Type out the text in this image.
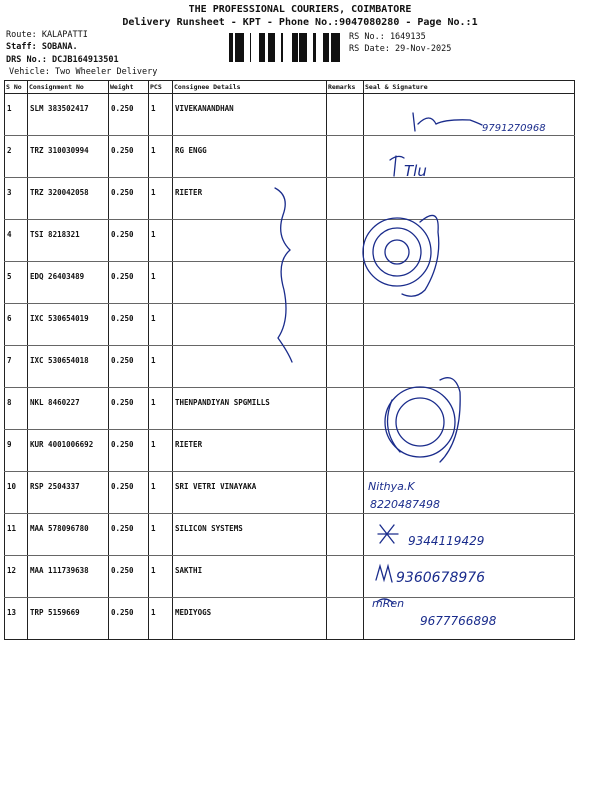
THE PROFESSIONAL COURIERS, COIMBATORE
Delivery Runsheet - KPT - Phone No.:9047080280 - Page No.:1
Route: KALAPATTI
Staff: SOBANA.
DRS No.: DCJB164913501
Vehicle: Two Wheeler Delivery
RS No.: 1649135
RS Date: 29-Nov-2025
S No	Consignment No	Weight	PCS	Consignee Details	Remarks	Seal & Signature
1	SLM 383502417	0.250	1	VIVEKANANDHAN		
2	TRZ 310030994	0.250	1	RG ENGG		
3	TRZ 320042058	0.250	1	RIETER		
4	TSI 8218321	0.250	1			
5	EDQ 26403489	0.250	1			
6	IXC 530654019	0.250	1			
7	IXC 530654018	0.250	1			
8	NKL 8460227	0.250	1	THENPANDIYAN SPGMILLS		
9	KUR 4001006692	0.250	1	RIETER		
10	RSP 2504337	0.250	1	SRI VETRI VINAYAKA		
11	MAA 578096780	0.250	1	SILICON SYSTEMS		
12	MAA 111739638	0.250	1	SAKTHI		
13	TRP 5159669	0.250	1	MEDIYOGS		
9791270968
Tlu
Nithya.K
8220487498
9344119429
9360678976
mRen
9677766898
